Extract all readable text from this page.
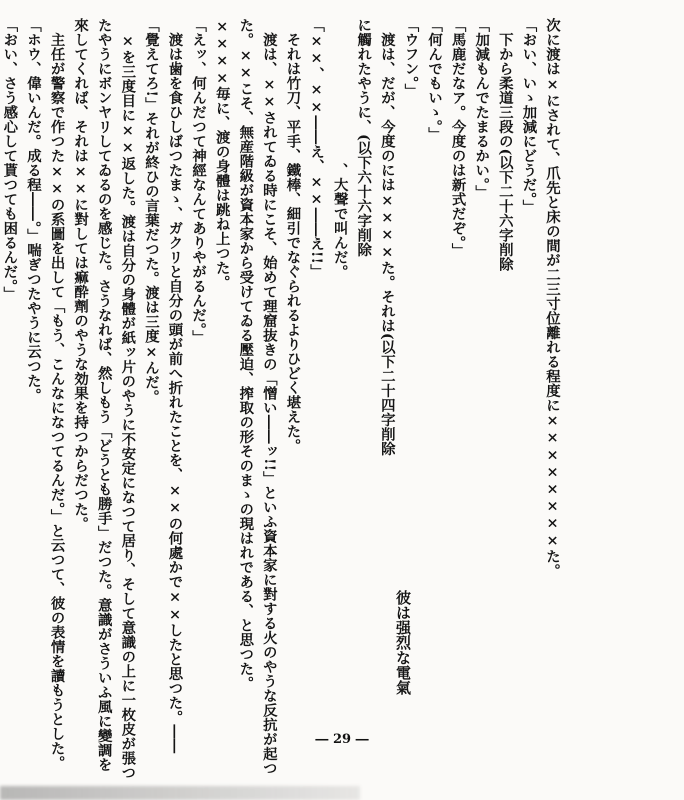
次に渡は×にされて、爪先と床の間が二三寸位離れる程度に××××××××た。
「おい、いゝ加減にどうだ。」
　下から柔道三段の(以下二十六字削除
「加減もんでたまるかい。」
「馬鹿だなア。今度のは新式だぞ。」
「何んでもいゝ。」
「ウフン。」
　渡は、だが、今度のには××××た。それは(以下二十四字削除
に觸れたやうに、(以下六十六字削除
　　　　　　　　　　、大聲で叫んだ。
「××、××――え、××――え!!」
　それは竹刀、平手、鐵棒、細引でなぐられるよりひどく堪えた。
　渡は、××されてゐる時にこそ、始めて理窟抜きの「憎い――ッ!!」といふ資本家に對する火のやうな反抗が起つ
た。××こそ、無産階級が資本家から受けてゐる壓迫、搾取の形そのまゝの現はれである、と思つた。
××××毎に、渡の身體は跳ね上つた。
「えッ、何んだつて神經なんてありやがるんだ。」
　渡は歯を食ひしばつたまゝ、ガクリと自分の頭が前へ折れたことを、××の何處かで××したと思つた。――
「覺えてろ!」それが終ひの言葉だつた。渡は三度×んだ。
　×を三度目に××返した。渡は自分の身體が紙ッ片のやうに不安定になつて居り、そして意識の上に一枚皮が張つ
たやうにボンヤリしてゐるのを感じた。さうなれば、然しもう「どうとも勝手」だつた。意識がさういふ風に變調を
來してくれば、それは××に對しては痲酔劑のやうな効果を持つからだつた。
　主任が警察で作つた××の系圖を出して「もう、こんなになつてるんだ。」と云つて、彼の表情を讀もうとした。
「ホウ、偉いんだ。成る程――。」喘ぎつたやうに云つた。
「おい、さう感心して貰つても困るんだ。」
彼は强烈な電氣
― 29 ―
